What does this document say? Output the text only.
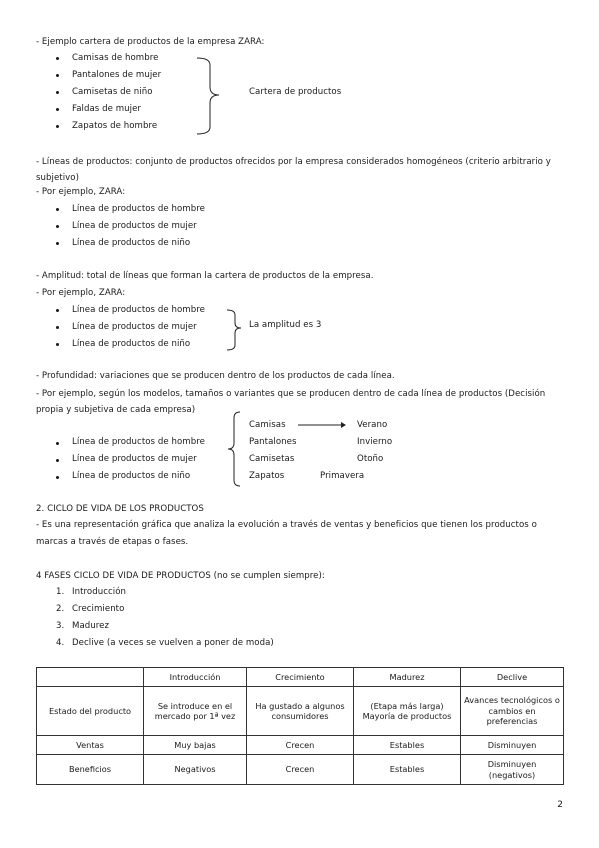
- Ejemplo cartera de productos de la empresa ZARA:
Camisas de hombre
Pantalones de mujer
Camisetas de niño
Faldas de mujer
Zapatos de hombre
Cartera de productos
- Líneas de productos: conjunto de productos ofrecidos por la empresa considerados homogéneos (criterio arbitrario y subjetivo)
- Por ejemplo, ZARA:
Línea de productos de hombre
Línea de productos de mujer
Línea de productos de niño
- Amplitud: total de líneas que forman la cartera de productos de la empresa.
- Por ejemplo, ZARA:
Línea de productos de hombre
Línea de productos de mujer
Línea de productos de niño
La amplitud es 3
- Profundidad: variaciones que se producen dentro de los productos de cada línea.
- Por ejemplo, según los modelos, tamaños o variantes que se producen dentro de cada línea de productos (Decisión propia y subjetiva de cada empresa)
Línea de productos de hombre
Línea de productos de mujer
Línea de productos de niño
Camisas
Pantalones
Camisetas
Zapatos
Verano
Invierno
Otoño
Primavera
2. CICLO DE VIDA DE LOS PRODUCTOS
- Es una representación gráfica que analiza la evolución a través de ventas y beneficios que tienen los productos o marcas a través de etapas o fases.
4 FASES CICLO DE VIDA DE PRODUCTOS (no se cumplen siempre):
1. Introducción
2. Crecimiento
3. Madurez
4. Declive (a veces se vuelven a poner de moda)
	Introducción	Crecimiento	Madurez	Declive
Estado del producto	Se introduce en el mercado por 1ª vez	Ha gustado a algunos consumidores	(Etapa más larga) Mayoría de productos	Avances tecnológicos o cambios en preferencias
Ventas	Muy bajas	Crecen	Estables	Disminuyen
Beneficios	Negativos	Crecen	Estables	Disminuyen (negativos)
2
